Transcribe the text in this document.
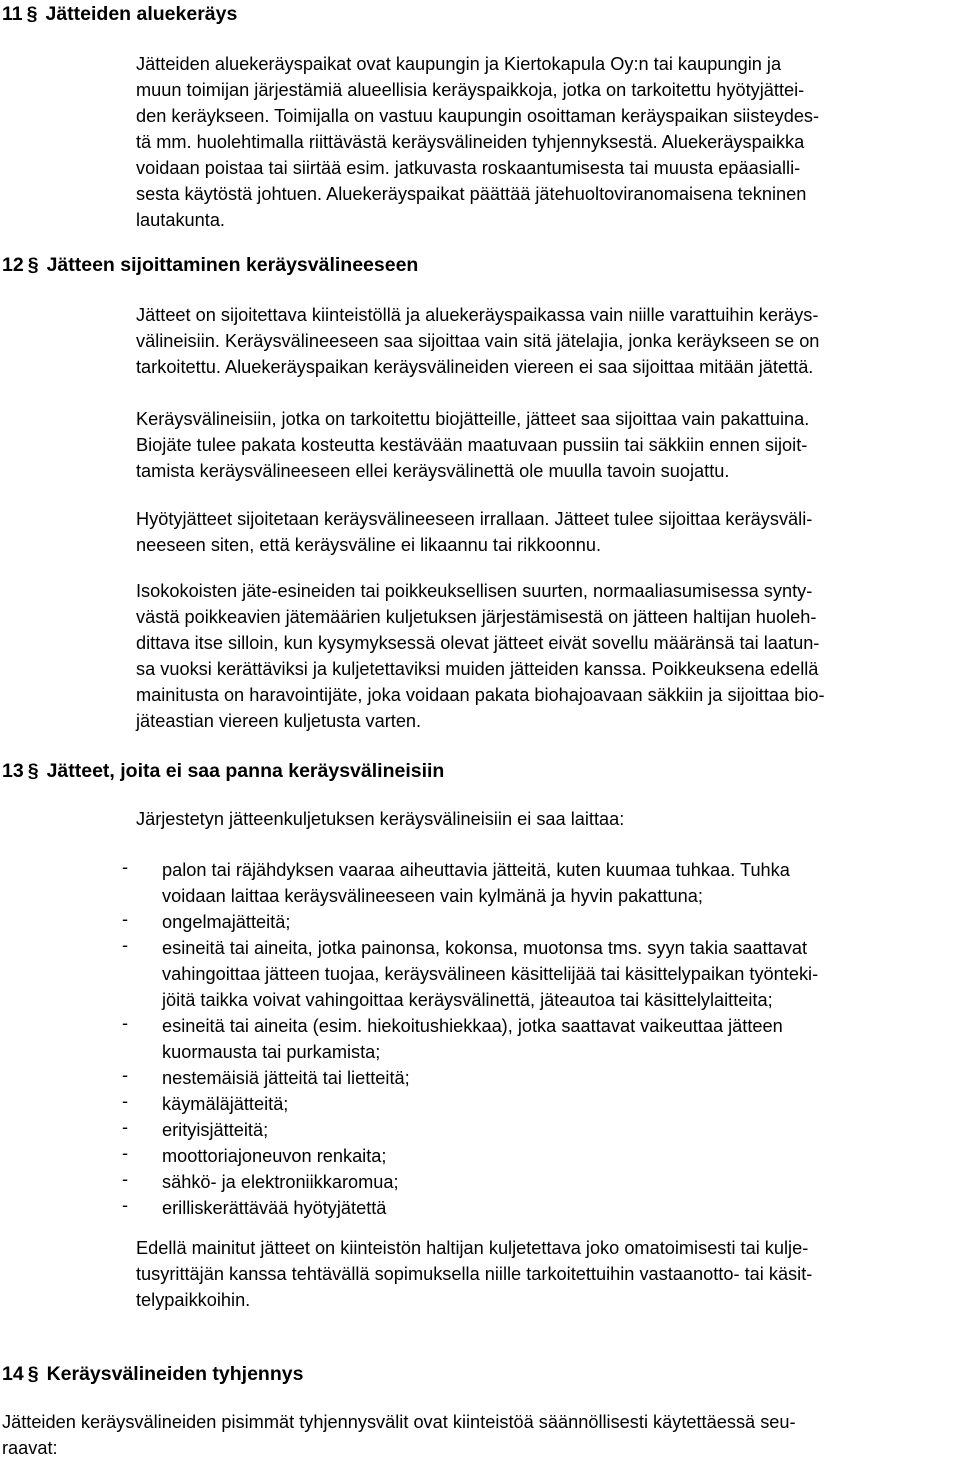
11 § Jätteiden aluekeräys
Jätteiden aluekeräyspaikat ovat kaupungin ja Kiertokapula Oy:n tai kaupungin ja
muun toimijan järjestämiä alueellisia keräyspaikkoja, jotka on tarkoitettu hyötyjättei-
den keräykseen. Toimijalla on vastuu kaupungin osoittaman keräyspaikan siisteydes-
tä mm. huolehtimalla riittävästä keräysvälineiden tyhjennyksestä. Aluekeräyspaikka
voidaan poistaa tai siirtää esim. jatkuvasta roskaantumisesta tai muusta epäasialli-
sesta käytöstä johtuen. Aluekeräyspaikat päättää jätehuoltoviranomaisena tekninen
lautakunta.
12 § Jätteen sijoittaminen keräysvälineeseen
Jätteet on sijoitettava kiinteistöllä ja aluekeräyspaikassa vain niille varattuihin keräys-
välineisiin. Keräysvälineeseen saa sijoittaa vain sitä jätelajia, jonka keräykseen se on
tarkoitettu. Aluekeräyspaikan keräysvälineiden viereen ei saa sijoittaa mitään jätettä.
Keräysvälineisiin, jotka on tarkoitettu biojätteille, jätteet saa sijoittaa vain pakattuina.
Biojäte tulee pakata kosteutta kestävään maatuvaan pussiin tai säkkiin ennen sijoit-
tamista keräysvälineeseen ellei keräysvälinettä ole muulla tavoin suojattu.
Hyötyjätteet sijoitetaan keräysvälineeseen irrallaan. Jätteet tulee sijoittaa keräysväli-
neeseen siten, että keräysväline ei likaannu tai rikkoonnu.
Isokokoisten jäte-esineiden tai poikkeuksellisen suurten, normaaliasumisessa synty-
västä poikkeavien jätemäärien kuljetuksen järjestämisestä on jätteen haltijan huoleh-
dittava itse silloin, kun kysymyksessä olevat jätteet eivät sovellu määränsä tai laatun-
sa vuoksi kerättäviksi ja kuljetettaviksi muiden jätteiden kanssa. Poikkeuksena edellä
mainitusta on haravointijäte, joka voidaan pakata biohajoavaan säkkiin ja sijoittaa bio-
jäteastian viereen kuljetusta varten.
13 § Jätteet, joita ei saa panna keräysvälineisiin
Järjestetyn jätteenkuljetuksen keräysvälineisiin ei saa laittaa:
- palon tai räjähdyksen vaaraa aiheuttavia jätteitä, kuten kuumaa tuhkaa. Tuhka
voidaan laittaa keräysvälineeseen vain kylmänä ja hyvin pakattuna;
- ongelmajätteitä;
- esineitä tai aineita, jotka painonsa, kokonsa, muotonsa tms. syyn takia saattavat
vahingoittaa jätteen tuojaa, keräysvälineen käsittelijää tai käsittelypaikan työnteki-
jöitä taikka voivat vahingoittaa keräysvälinettä, jäteautoa tai käsittelylaitteita;
- esineitä tai aineita (esim. hiekoitushiekkaa), jotka saattavat vaikeuttaa jätteen
kuormausta tai purkamista;
- nestemäisiä jätteitä tai lietteitä;
- käymäläjätteitä;
- erityisjätteitä;
- moottoriajoneuvon renkaita;
- sähkö- ja elektroniikkaromua;
- erilliskerättävää hyötyjätettä
Edellä mainitut jätteet on kiinteistön haltijan kuljetettava joko omatoimisesti tai kulje-
tusyrittäjän kanssa tehtävällä sopimuksella niille tarkoitettuihin vastaanotto- tai käsit-
telypaikkoihin.
14 § Keräysvälineiden tyhjennys
Jätteiden keräysvälineiden pisimmät tyhjennysvälit ovat kiinteistöä säännöllisesti käytettäessä seu-
raavat:
